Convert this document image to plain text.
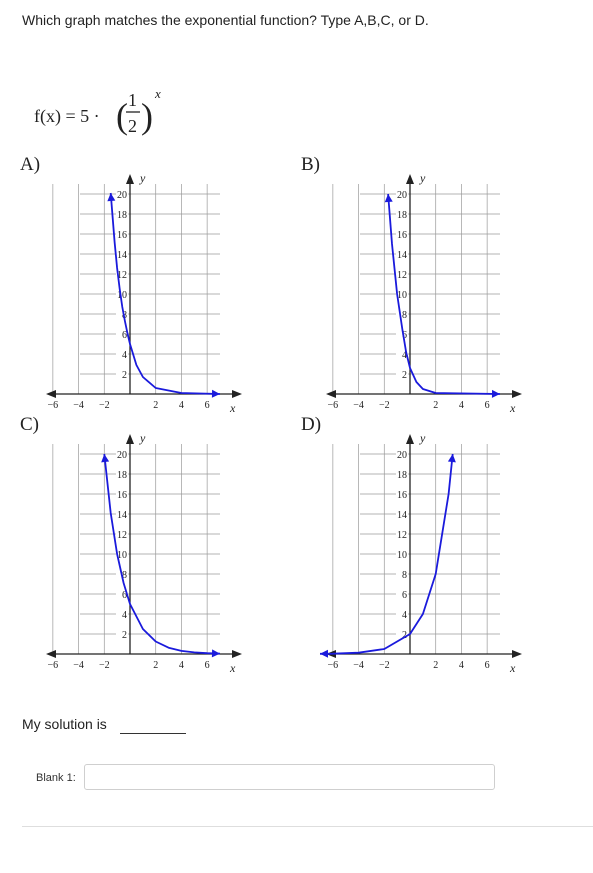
Which graph matches the exponential function? Type A,B,C, or D.
f(x) = 5 · ( 1
2 )
x
A)	B)
C)	D)
y
x
2
4
6
8
10
12
14
16
18
20
−6 −4 −2	2 4 6
y
x
2
4
6
8
10
12
14
16
18
20
−6 −4 −2	2 4 6
y
x
2
4
6
8
10
12
14
16
18
20
−6 −4 −2	2 4 6
y
x
2
4
6
8
10
12
14
16
18
20
−6 −4 −2	2 4 6
My solution is
Blank 1:
